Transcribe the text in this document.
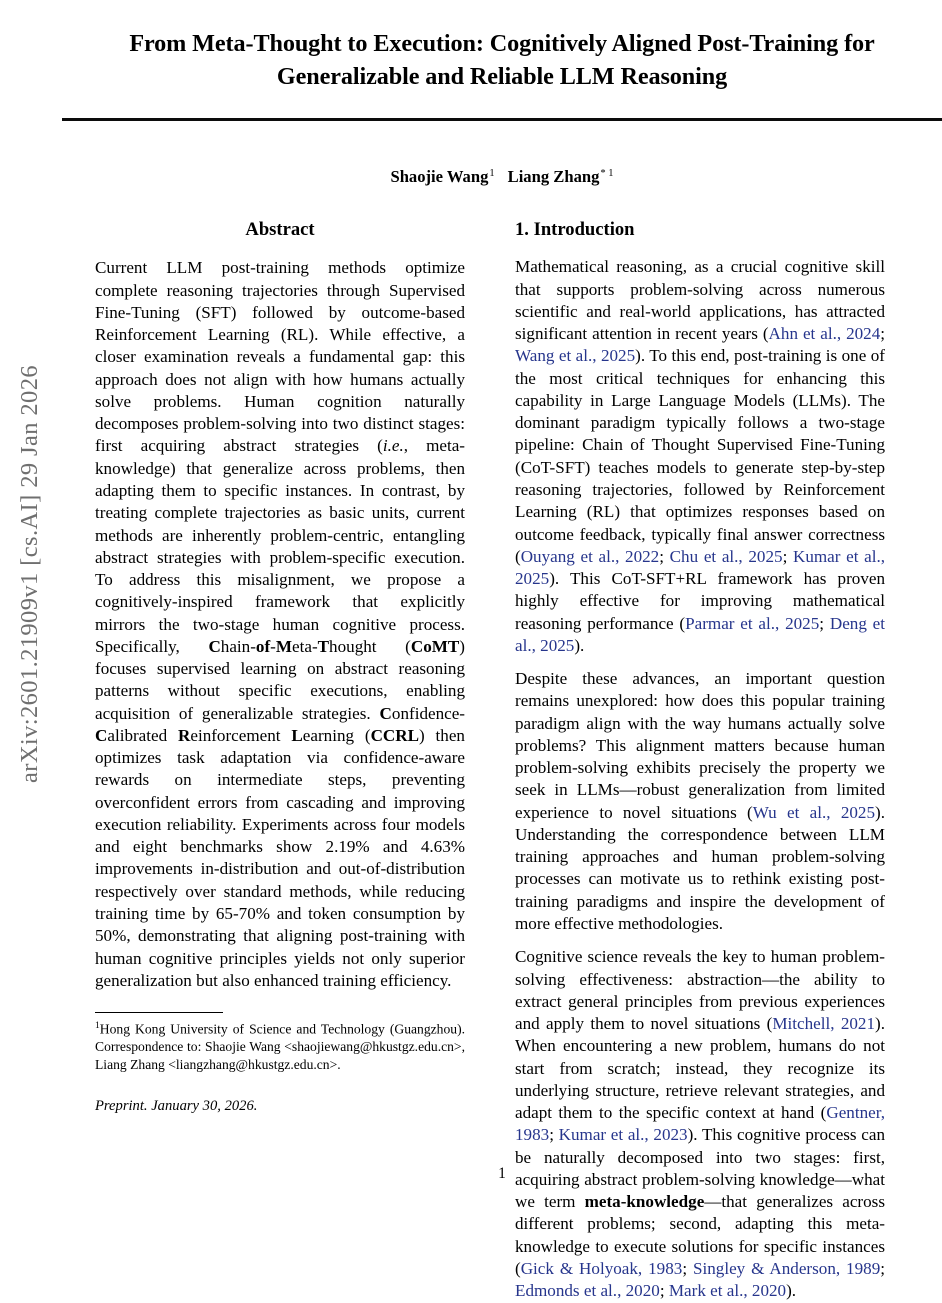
arXiv:2601.21909v1 [cs.AI] 29 Jan 2026
From Meta-Thought to Execution: Cognitively Aligned Post-Training for Generalizable and Reliable LLM Reasoning
Shaojie Wang$^1$ Liang Zhang$^{* 1}$
Abstract

Current LLM post-training methods optimize complete reasoning trajectories through Supervised Fine-Tuning (SFT) followed by outcome-based Reinforcement Learning (RL). While effective, a closer examination reveals a fundamental gap: this approach does not align with how humans actually solve problems. Human cognition naturally decomposes problem-solving into two distinct stages: first acquiring abstract strategies (i.e., meta-knowledge) that generalize across problems, then adapting them to specific instances. In contrast, by treating complete trajectories as basic units, current methods are inherently problem-centric, entangling abstract strategies with problem-specific execution. To address this misalignment, we propose a cognitively-inspired framework that explicitly mirrors the two-stage human cognitive process. Specifically, Chain-of-Meta-Thought (CoMT) focuses supervised learning on abstract reasoning patterns without specific executions, enabling acquisition of generalizable strategies. Confidence-Calibrated Reinforcement Learning (CCRL) then optimizes task adaptation via confidence-aware rewards on intermediate steps, preventing overconfident errors from cascading and improving execution reliability. Experiments across four models and eight benchmarks show 2.19% and 4.63% improvements in-distribution and out-of-distribution respectively over standard methods, while reducing training time by 65-70% and token consumption by 50%, demonstrating that aligning post-training with human cognitive principles yields not only superior generalization but also enhanced training efficiency.

$^1$Hong Kong University of Science and Technology (Guangzhou). Correspondence to: Shaojie Wang <shaojiewang@hkustgz.edu.cn>, Liang Zhang <liangzhang@hkustgz.edu.cn>.

Preprint. January 30, 2026.
1. Introduction

Mathematical reasoning, as a crucial cognitive skill that supports problem-solving across numerous scientific and real-world applications, has attracted significant attention in recent years (Ahn et al., 2024; Wang et al., 2025). To this end, post-training is one of the most critical techniques for enhancing this capability in Large Language Models (LLMs). The dominant paradigm typically follows a two-stage pipeline: Chain of Thought Supervised Fine-Tuning (CoT-SFT) teaches models to generate step-by-step reasoning trajectories, followed by Reinforcement Learning (RL) that optimizes responses based on outcome feedback, typically final answer correctness (Ouyang et al., 2022; Chu et al., 2025; Kumar et al., 2025). This CoT-SFT+RL framework has proven highly effective for improving mathematical reasoning performance (Parmar et al., 2025; Deng et al., 2025).

Despite these advances, an important question remains unexplored: how does this popular training paradigm align with the way humans actually solve problems? This alignment matters because human problem-solving exhibits precisely the property we seek in LLMs—robust generalization from limited experience to novel situations (Wu et al., 2025). Understanding the correspondence between LLM training approaches and human problem-solving processes can motivate us to rethink existing post-training paradigms and inspire the development of more effective methodologies.

Cognitive science reveals the key to human problem-solving effectiveness: abstraction—the ability to extract general principles from previous experiences and apply them to novel situations (Mitchell, 2021). When encountering a new problem, humans do not start from scratch; instead, they recognize its underlying structure, retrieve relevant strategies, and adapt them to the specific context at hand (Gentner, 1983; Kumar et al., 2023). This cognitive process can be naturally decomposed into two stages: first, acquiring abstract problem-solving knowledge—what we term meta-knowledge—that generalizes across different problems; second, adapting this meta-knowledge to execute solutions for specific instances (Gick & Holyoak, 1983; Singley & Anderson, 1989; Edmonds et al., 2020; Mark et al., 2020).

1
